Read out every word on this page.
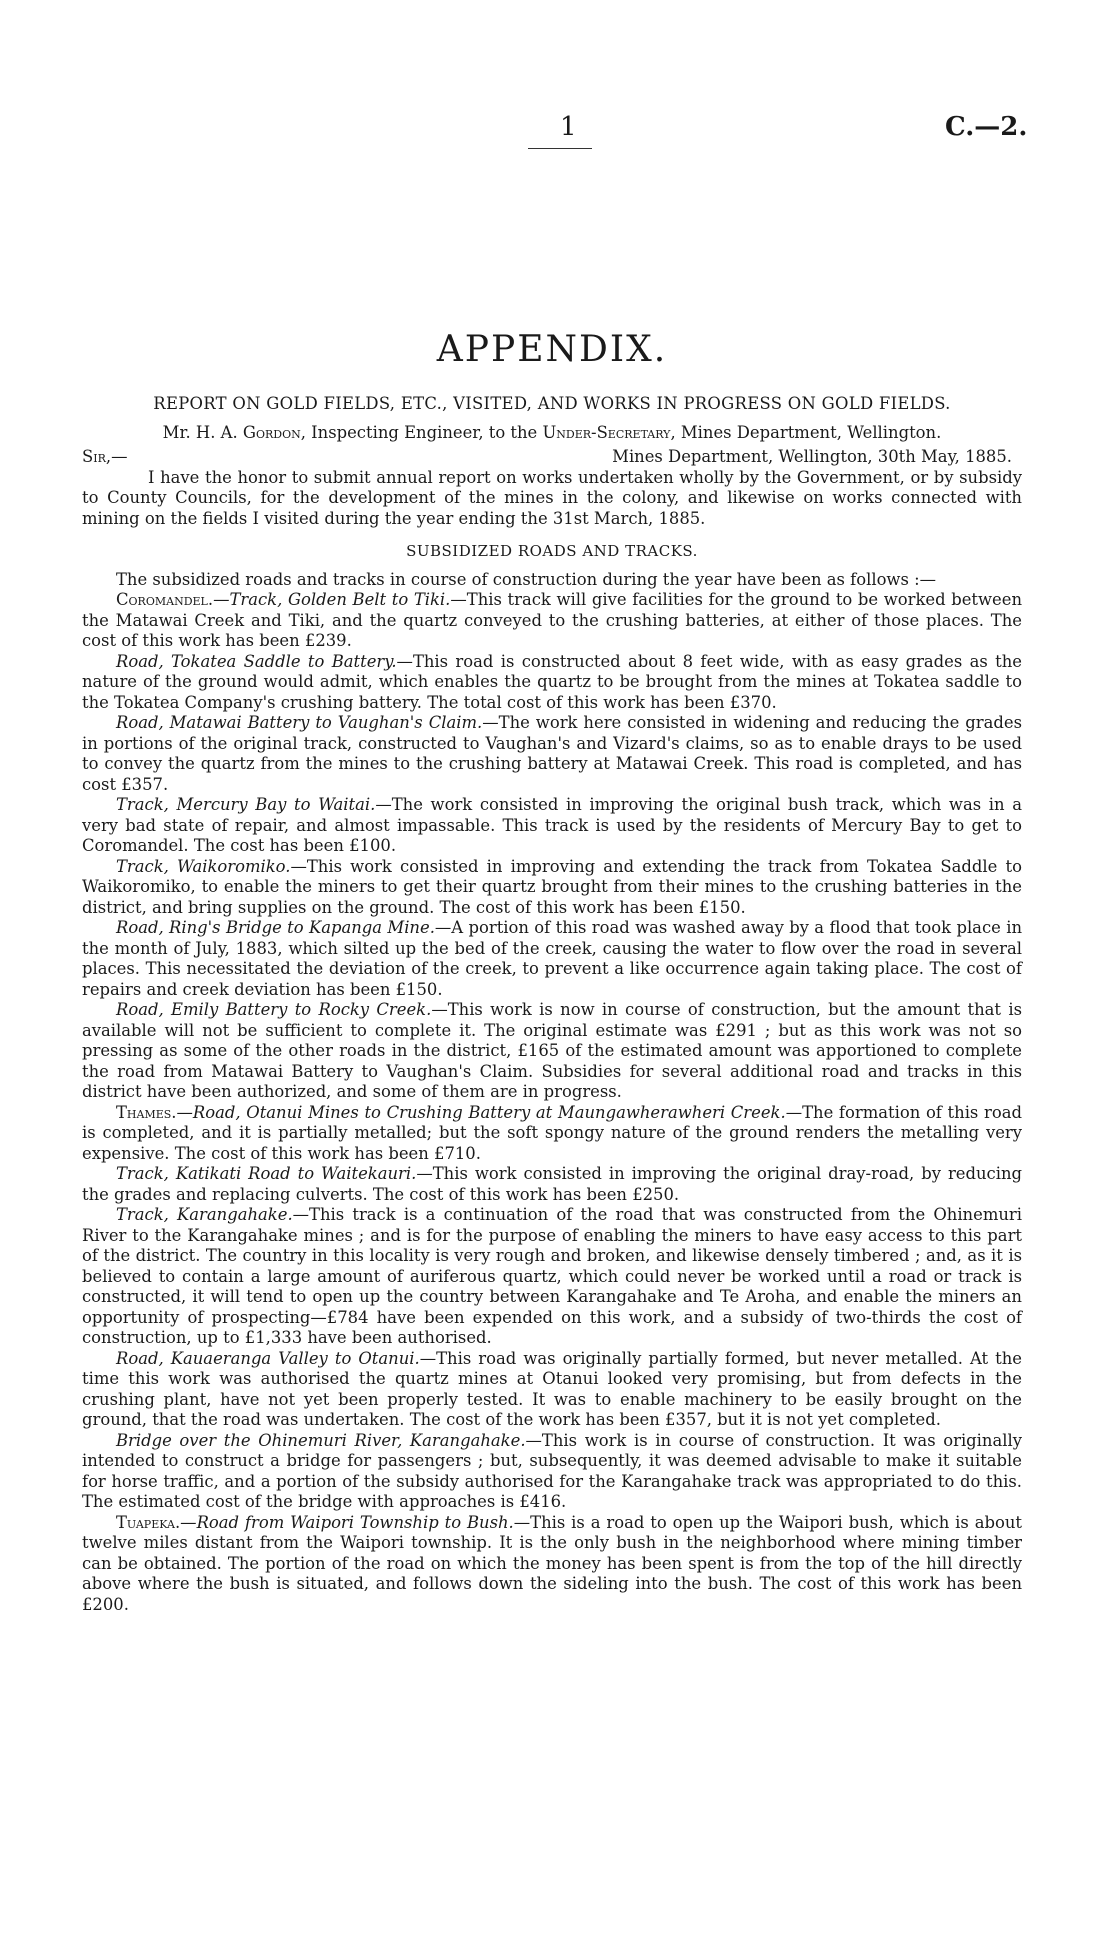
1	C.—2.
APPENDIX.

REPORT ON GOLD FIELDS, ETC., VISITED, AND WORKS IN PROGRESS ON GOLD FIELDS.

Mr. H. A. Gordon, Inspecting Engineer, to the Under-Secretary, Mines Department, Wellington.

Sir,—	Mines Department, Wellington, 30th May, 1885.

I have the honor to submit annual report on works undertaken wholly by the Government, or by subsidy to County Councils, for the development of the mines in the colony, and likewise on works connected with mining on the fields I visited during the year ending the 31st March, 1885.

SUBSIDIZED ROADS AND TRACKS.

The subsidized roads and tracks in course of construction during the year have been as follows :—

Coromandel.—Track, Golden Belt to Tiki.—This track will give facilities for the ground to be worked between the Matawai Creek and Tiki, and the quartz conveyed to the crushing batteries, at either of those places. The cost of this work has been £239.

Road, Tokatea Saddle to Battery.—This road is constructed about 8 feet wide, with as easy grades as the nature of the ground would admit, which enables the quartz to be brought from the mines at Tokatea saddle to the Tokatea Company's crushing battery. The total cost of this work has been £370.

Road, Matawai Battery to Vaughan's Claim.—The work here consisted in widening and reducing the grades in portions of the original track, constructed to Vaughan's and Vizard's claims, so as to enable drays to be used to convey the quartz from the mines to the crushing battery at Matawai Creek. This road is completed, and has cost £357.

Track, Mercury Bay to Waitai.—The work consisted in improving the original bush track, which was in a very bad state of repair, and almost impassable. This track is used by the residents of Mercury Bay to get to Coromandel. The cost has been £100.

Track, Waikoromiko.—This work consisted in improving and extending the track from Tokatea Saddle to Waikoromiko, to enable the miners to get their quartz brought from their mines to the crushing batteries in the district, and bring supplies on the ground. The cost of this work has been £150.

Road, Ring's Bridge to Kapanga Mine.—A portion of this road was washed away by a flood that took place in the month of July, 1883, which silted up the bed of the creek, causing the water to flow over the road in several places. This necessitated the deviation of the creek, to prevent a like occurrence again taking place. The cost of repairs and creek deviation has been £150.

Road, Emily Battery to Rocky Creek.—This work is now in course of construction, but the amount that is available will not be sufficient to complete it. The original estimate was £291 ; but as this work was not so pressing as some of the other roads in the district, £165 of the estimated amount was apportioned to complete the road from Matawai Battery to Vaughan's Claim. Subsidies for several additional road and tracks in this district have been authorized, and some of them are in progress.

Thames.—Road, Otanui Mines to Crushing Battery at Maungawherawheri Creek.—The formation of this road is completed, and it is partially metalled; but the soft spongy nature of the ground renders the metalling very expensive. The cost of this work has been £710.

Track, Katikati Road to Waitekauri.—This work consisted in improving the original dray-road, by reducing the grades and replacing culverts. The cost of this work has been £250.

Track, Karangahake.—This track is a continuation of the road that was constructed from the Ohinemuri River to the Karangahake mines ; and is for the purpose of enabling the miners to have easy access to this part of the district. The country in this locality is very rough and broken, and likewise densely timbered ; and, as it is believed to contain a large amount of auriferous quartz, which could never be worked until a road or track is constructed, it will tend to open up the country between Karangahake and Te Aroha, and enable the miners an opportunity of prospecting—£784 have been expended on this work, and a subsidy of two-thirds the cost of construction, up to £1,333 have been authorised.

Road, Kauaeranga Valley to Otanui.—This road was originally partially formed, but never metalled. At the time this work was authorised the quartz mines at Otanui looked very promising, but from defects in the crushing plant, have not yet been properly tested. It was to enable machinery to be easily brought on the ground, that the road was undertaken. The cost of the work has been £357, but it is not yet completed.

Bridge over the Ohinemuri River, Karangahake.—This work is in course of construction. It was originally intended to construct a bridge for passengers ; but, subsequently, it was deemed advisable to make it suitable for horse traffic, and a portion of the subsidy authorised for the Karangahake track was appropriated to do this. The estimated cost of the bridge with approaches is £416.

Tuapeka.—Road from Waipori Township to Bush.—This is a road to open up the Waipori bush, which is about twelve miles distant from the Waipori township. It is the only bush in the neighborhood where mining timber can be obtained. The portion of the road on which the money has been spent is from the top of the hill directly above where the bush is situated, and follows down the sideling into the bush. The cost of this work has been £200.
